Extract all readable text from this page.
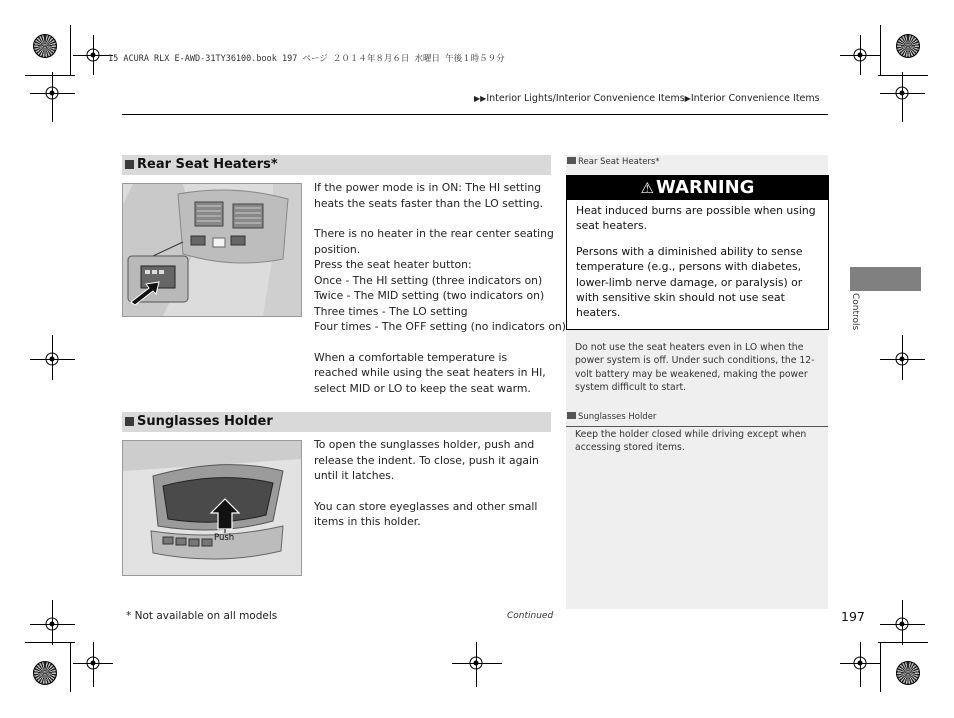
15 ACURA RLX E-AWD-31TY36100.book 197 ページ ２０１４年８月６日 水曜日 午後１時５９分
▶▶Interior Lights/Interior Convenience Items▶Interior Convenience Items
Rear Seat Heaters*

If the power mode is in ON: The HI setting heats the seats faster than the LO setting.

There is no heater in the rear center seating position.

Press the seat heater button:

Once - The HI setting (three indicators on)

Twice - The MID setting (two indicators on)

Three times - The LO setting

Four times - The OFF setting (no indicators on)

When a comfortable temperature is reached while using the seat heaters in HI, select MID or LO to keep the seat warm.

Sunglasses Holder
Push

To open the sunglasses holder, push and release the indent. To close, push it again until it latches.

You can store eyeglasses and other small items in this holder.

Rear Seat Heaters*
⚠ WARNING
Heat induced burns are possible when using seat heaters.
Persons with a diminished ability to sense temperature (e.g., persons with diabetes, lower-limb nerve damage, or paralysis) or with sensitive skin should not use seat heaters.
Do not use the seat heaters even in LO when the power system is off. Under such conditions, the 12-volt battery may be weakened, making the power system difficult to start.
Sunglasses Holder
Keep the holder closed while driving except when accessing stored items.
Controls
* Not available on all models	Continued	197
